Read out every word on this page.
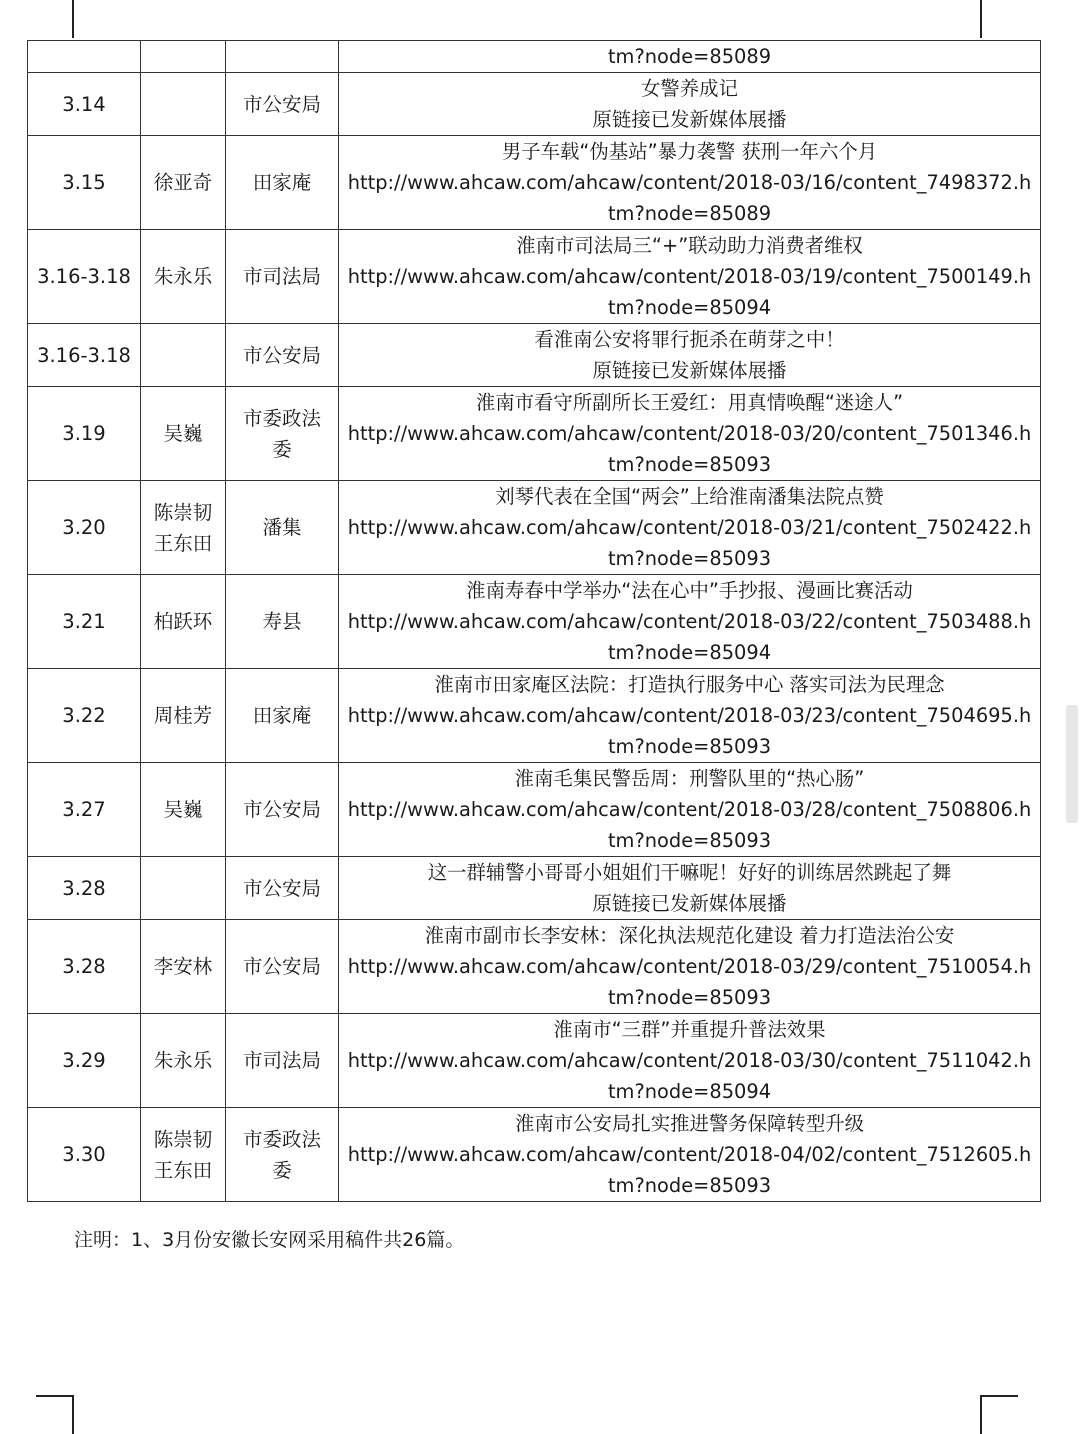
			tm?node=85089

3.14		市公安局	女警养成记
原链接已发新媒体展播

3.15	徐亚奇	田家庵	男子车载“伪基站”暴力袭警 获刑一年六个月
http://www.ahcaw.com/ahcaw/content/2018-03/16/content_7498372.h
tm?node=85089

3.16-3.18	朱永乐	市司法局	淮南市司法局三“+”联动助力消费者维权
http://www.ahcaw.com/ahcaw/content/2018-03/19/content_7500149.h
tm?node=85094

3.16-3.18		市公安局	看淮南公安将罪行扼杀在萌芽之中！
原链接已发新媒体展播

3.19	吴巍	市委政法
委	淮南市看守所副所长王爱红：用真情唤醒“迷途人”
http://www.ahcaw.com/ahcaw/content/2018-03/20/content_7501346.h
tm?node=85093

3.20	陈崇韧
王东田	潘集	刘琴代表在全国“两会”上给淮南潘集法院点赞
http://www.ahcaw.com/ahcaw/content/2018-03/21/content_7502422.h
tm?node=85093

3.21	柏跃环	寿县	淮南寿春中学举办“法在心中”手抄报、漫画比赛活动
http://www.ahcaw.com/ahcaw/content/2018-03/22/content_7503488.h
tm?node=85094

3.22	周桂芳	田家庵	淮南市田家庵区法院：打造执行服务中心 落实司法为民理念
http://www.ahcaw.com/ahcaw/content/2018-03/23/content_7504695.h
tm?node=85093

3.27	吴巍	市公安局	淮南毛集民警岳周：刑警队里的“热心肠”
http://www.ahcaw.com/ahcaw/content/2018-03/28/content_7508806.h
tm?node=85093

3.28		市公安局	这一群辅警小哥哥小姐姐们干嘛呢！好好的训练居然跳起了舞
原链接已发新媒体展播

3.28	李安林	市公安局	淮南市副市长李安林：深化执法规范化建设 着力打造法治公安
http://www.ahcaw.com/ahcaw/content/2018-03/29/content_7510054.h
tm?node=85093

3.29	朱永乐	市司法局	淮南市“三群”并重提升普法效果
http://www.ahcaw.com/ahcaw/content/2018-03/30/content_7511042.h
tm?node=85094

3.30	陈崇韧
王东田	市委政法
委	淮南市公安局扎实推进警务保障转型升级
http://www.ahcaw.com/ahcaw/content/2018-04/02/content_7512605.h
tm?node=85093
注明：1、3月份安徽长安网采用稿件共26篇。
